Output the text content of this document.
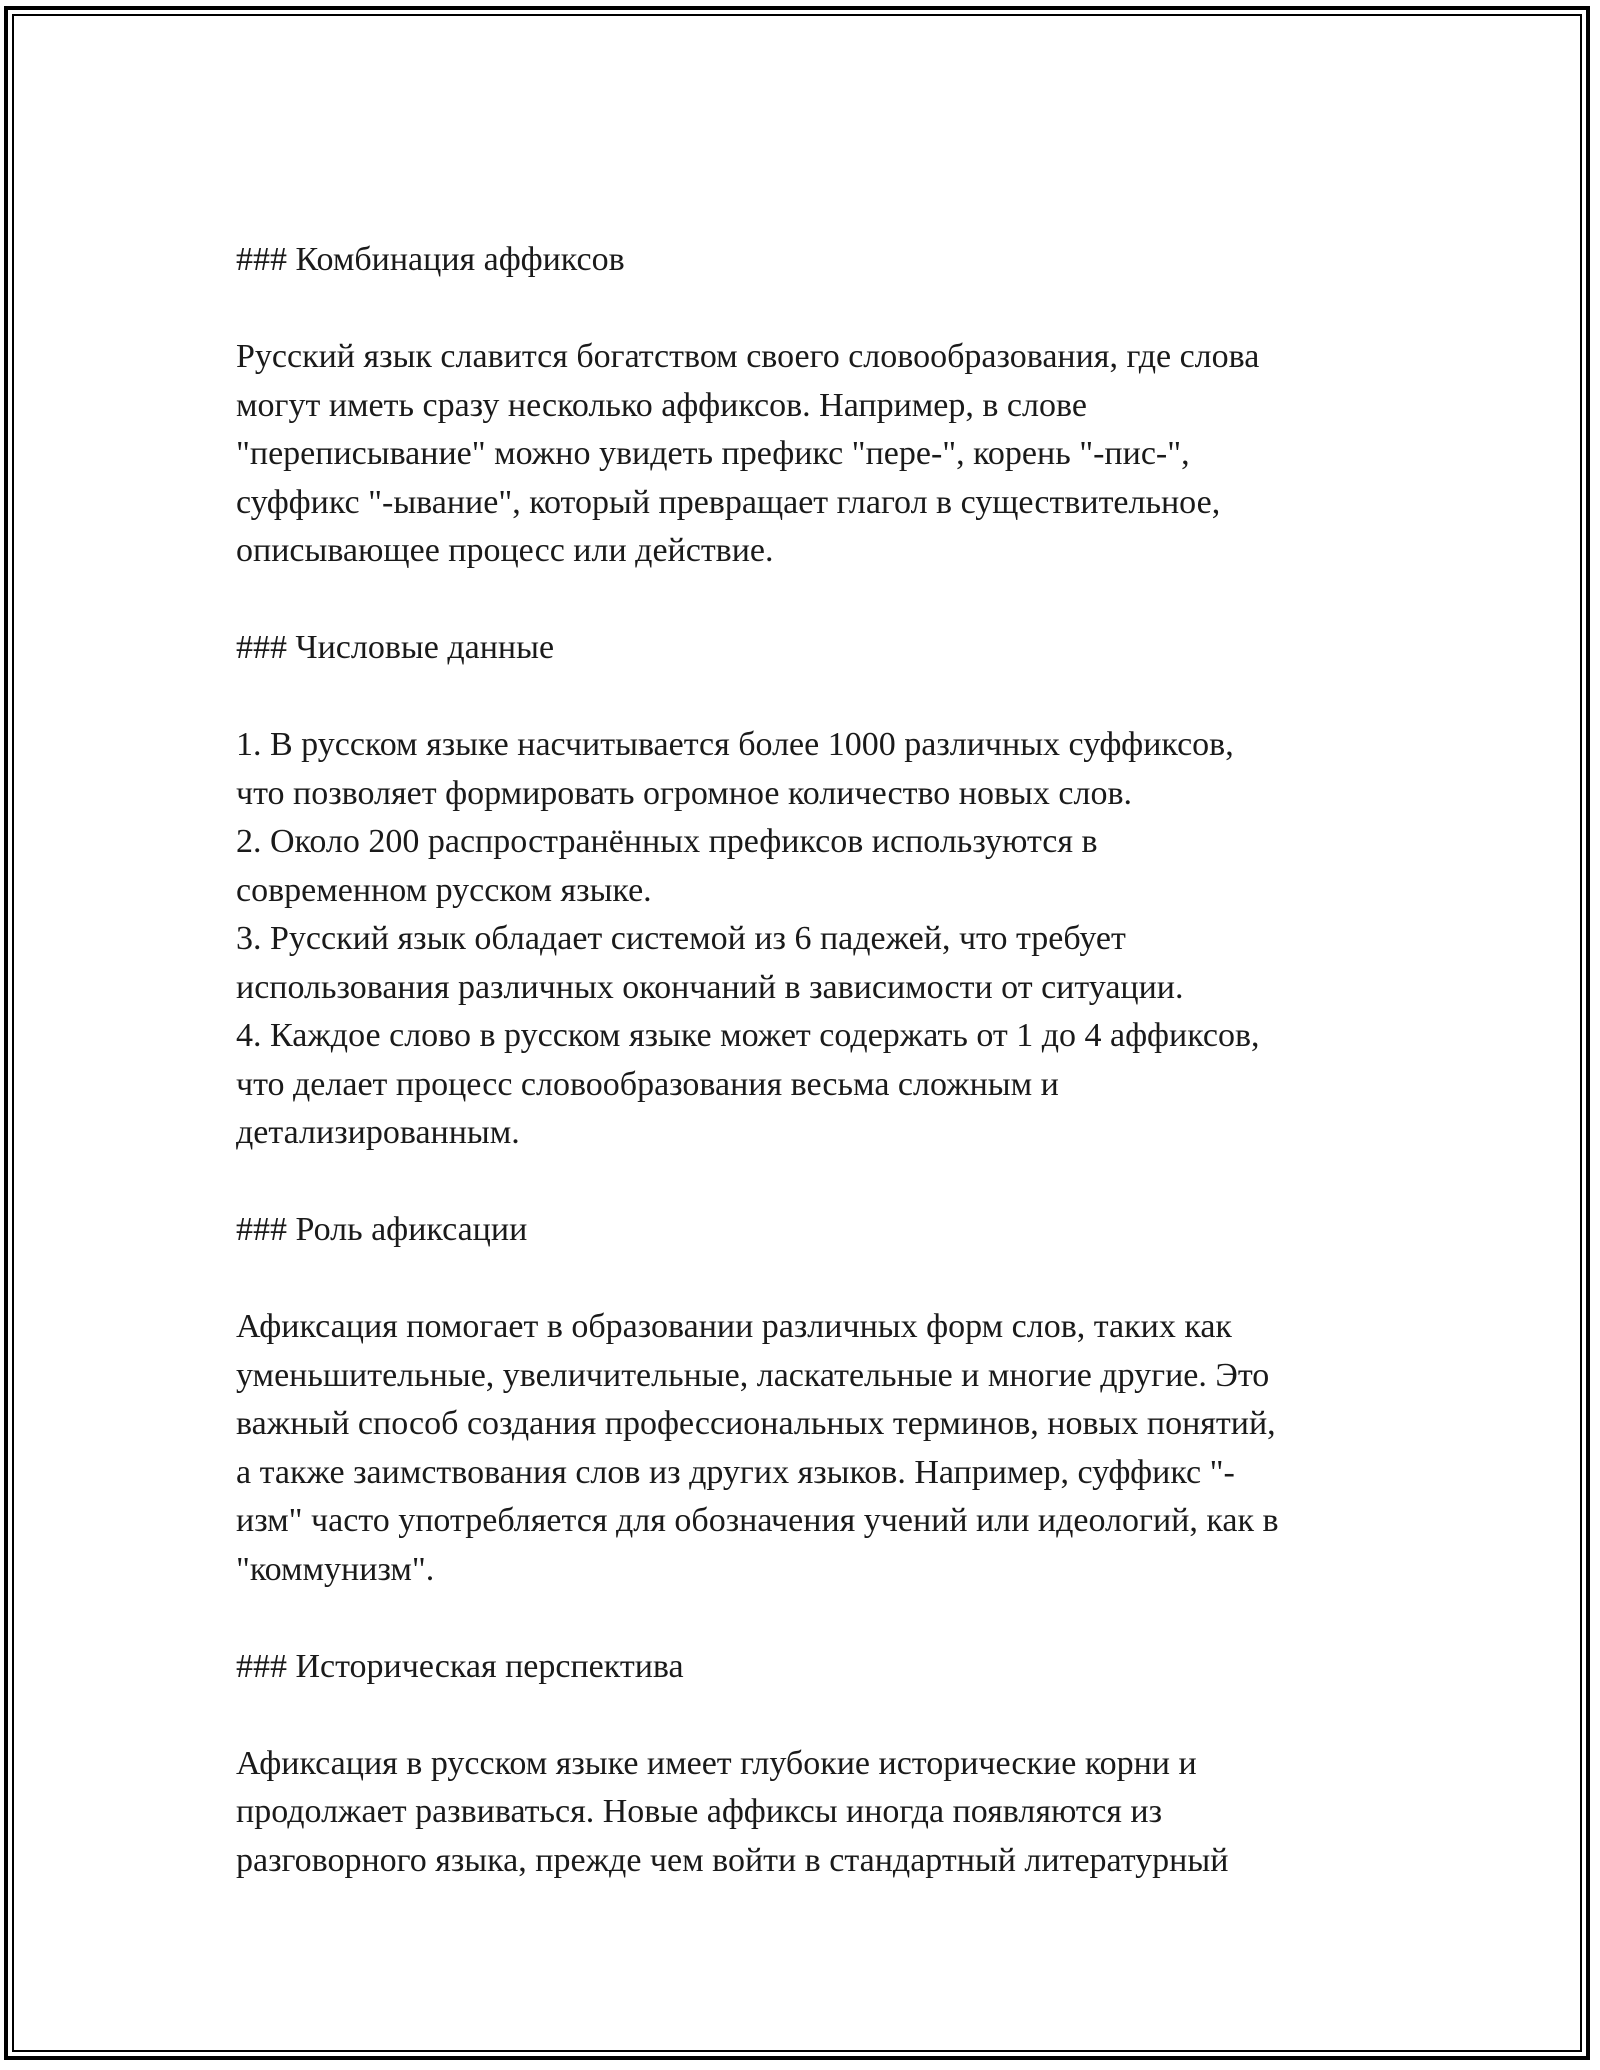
### Комбинация аффиксов

Русский язык славится богатством своего словообразования, где слова

могут иметь сразу несколько аффиксов. Например, в слове

"переписывание" можно увидеть префикс "пере-", корень "-пис-",

суффикс "-ывание", который превращает глагол в существительное,

описывающее процесс или действие.

### Числовые данные

1. В русском языке насчитывается более 1000 различных суффиксов,

что позволяет формировать огромное количество новых слов.

2. Около 200 распространённых префиксов используются в

современном русском языке.

3. Русский язык обладает системой из 6 падежей, что требует

использования различных окончаний в зависимости от ситуации.

4. Каждое слово в русском языке может содержать от 1 до 4 аффиксов,

что делает процесс словообразования весьма сложным и

детализированным.

### Роль афиксации

Афиксация помогает в образовании различных форм слов, таких как

уменьшительные, увеличительные, ласкательные и многие другие. Это

важный способ создания профессиональных терминов, новых понятий,

а также заимствования слов из других языков. Например, суффикс "-

изм" часто употребляется для обозначения учений или идеологий, как в

"коммунизм".

### Историческая перспектива

Афиксация в русском языке имеет глубокие исторические корни и

продолжает развиваться. Новые аффиксы иногда появляются из

разговорного языка, прежде чем войти в стандартный литературный
